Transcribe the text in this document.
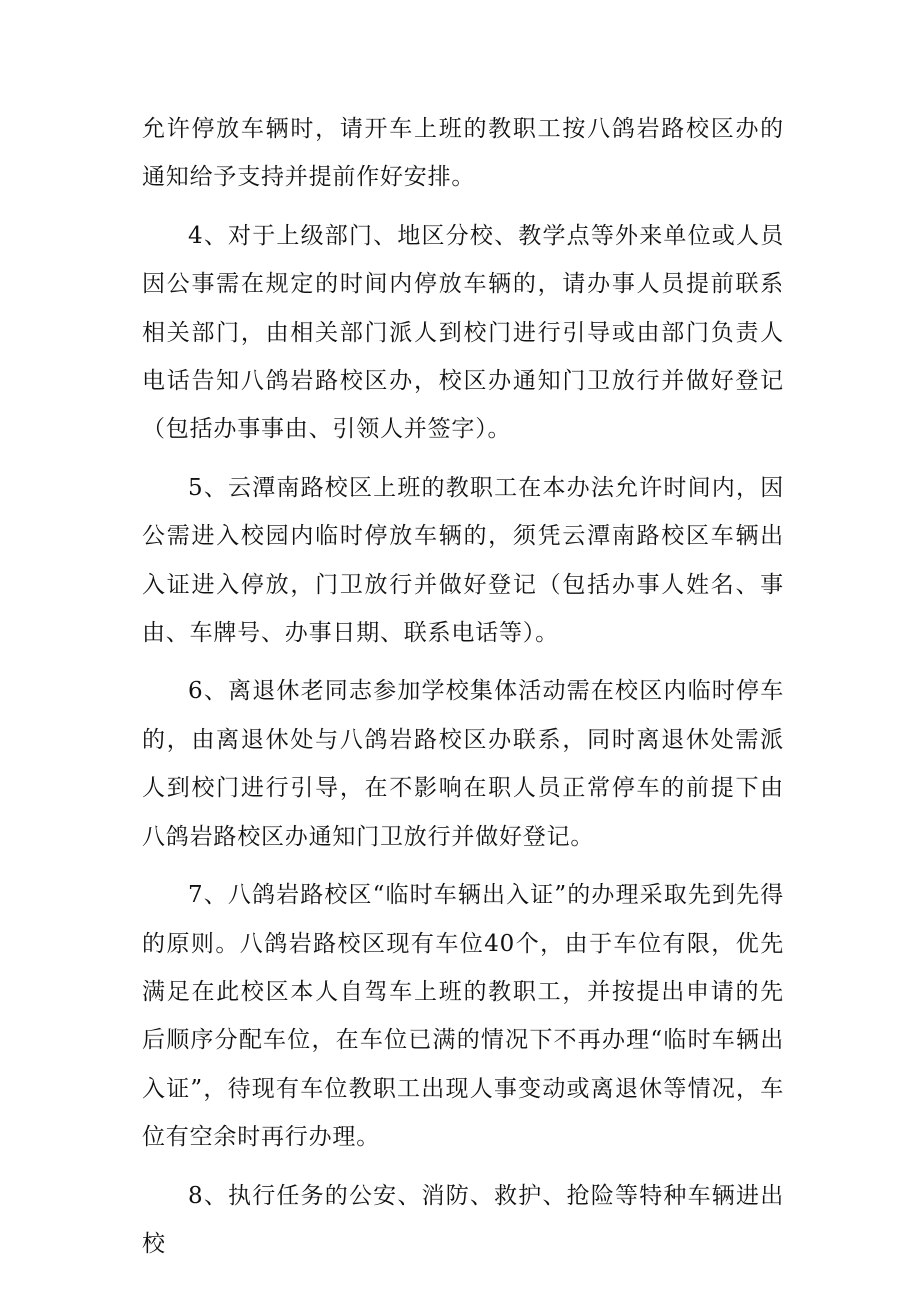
允许停放车辆时，请开车上班的教职工按八鸽岩路校区办的通知给予支持并提前作好安排。

4、对于上级部门、地区分校、教学点等外来单位或人员因公事需在规定的时间内停放车辆的，请办事人员提前联系相关部门，由相关部门派人到校门进行引导或由部门负责人电话告知八鸽岩路校区办，校区办通知门卫放行并做好登记（包括办事事由、引领人并签字）。

5、云潭南路校区上班的教职工在本办法允许时间内，因公需进入校园内临时停放车辆的，须凭云潭南路校区车辆出入证进入停放，门卫放行并做好登记（包括办事人姓名、事由、车牌号、办事日期、联系电话等）。

6、离退休老同志参加学校集体活动需在校区内临时停车的，由离退休处与八鸽岩路校区办联系，同时离退休处需派人到校门进行引导，在不影响在职人员正常停车的前提下由八鸽岩路校区办通知门卫放行并做好登记。

7、八鸽岩路校区“临时车辆出入证”的办理采取先到先得的原则。八鸽岩路校区现有车位40个，由于车位有限，优先满足在此校区本人自驾车上班的教职工，并按提出申请的先后顺序分配车位，在车位已满的情况下不再办理“临时车辆出入证”，待现有车位教职工出现人事变动或离退休等情况，车位有空余时再行办理。

8、执行任务的公安、消防、救护、抢险等特种车辆进出校
